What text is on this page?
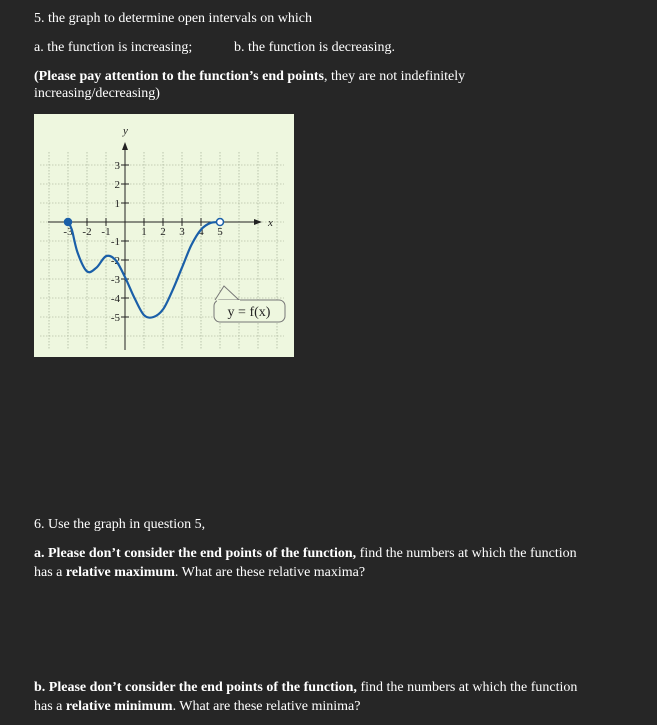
5. the graph to determine open intervals on which
a. the function is increasing;	b. the function is decreasing.
(Please pay attention to the function’s end points, they are not indefinitely
increasing/decreasing)
-3 -2 -1	1 2 3 4 5
3
2
1
-1
-2
-3
-4
-5
y
x
y = f(x)
6. Use the graph in question 5,
a. Please don’t consider the end points of the function, find the numbers at which the function
has a relative maximum. What are these relative maxima?
b. Please don’t consider the end points of the function, find the numbers at which the function
has a relative minimum. What are these relative minima?
